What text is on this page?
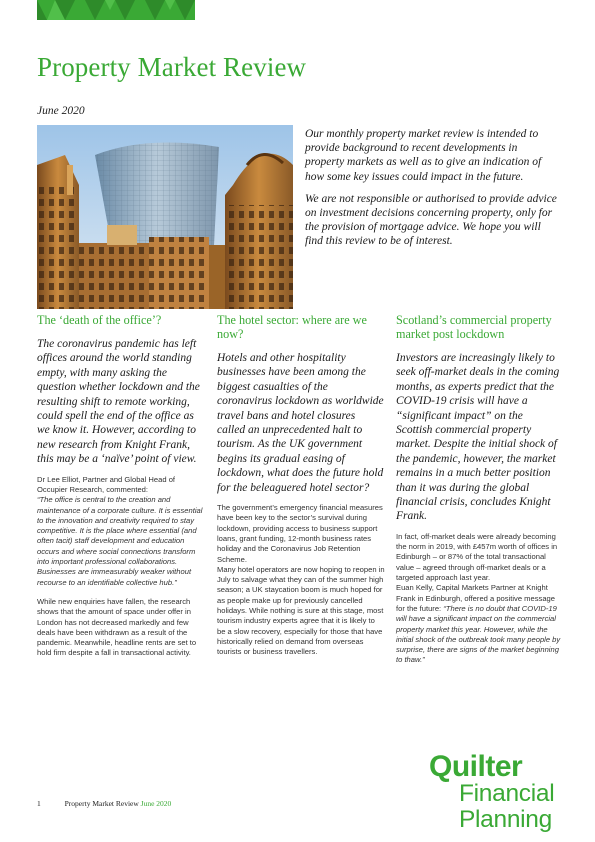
Property Market Review
June 2020

Our monthly property market review is intended to provide background to recent developments in property markets as well as to give an indication of how some key issues could impact in the future.

We are not responsible or authorised to provide advice on investment decisions concerning property, only for the provision of mortgage advice. We hope you will find this review to be of interest.

The ‘death of the office’?

The coronavirus pandemic has left offices around the world standing empty, with many asking the question whether lockdown and the resulting shift to remote working, could spell the end of the office as we know it. However, according to new research from Knight Frank, this may be a ‘naïve’ point of view.

Dr Lee Elliot, Partner and Global Head of Occupier Research, commented:

“The office is central to the creation and maintenance of a corporate culture. It is essential to the innovation and creativity required to stay competitive. It is the place where essential (and often tacit) staff development and education occurs and where social connections transform into important professional collaborations. Businesses are immeasurably weaker without recourse to an identifiable collective hub.”

While new enquiries have fallen, the research shows that the amount of space under offer in London has not decreased markedly and few deals have been withdrawn as a result of the pandemic. Meanwhile, headline rents are set to hold firm despite a fall in transactional activity.

The hotel sector: where are we now?

Hotels and other hospitality businesses have been among the biggest casualties of the coronavirus lockdown as worldwide travel bans and hotel closures called an unprecedented halt to tourism. As the UK government begins its gradual easing of lockdown, what does the future hold for the beleaguered hotel sector?

The government’s emergency financial measures have been key to the sector’s survival during lockdown, providing access to business support loans, grant funding, 12-month business rates holiday and the Coronavirus Job Retention Scheme.

Many hotel operators are now hoping to reopen in July to salvage what they can of the summer high season; a UK staycation boom is much hoped for as people make up for previously cancelled holidays. While nothing is sure at this stage, most tourism industry experts agree that it is likely to be a slow recovery, especially for those that have historically relied on demand from overseas tourists or business travellers.

Scotland’s commercial property market post lockdown

Investors are increasingly likely to seek off-market deals in the coming months, as experts predict that the COVID-19 crisis will have a “significant impact” on the Scottish commercial property market. Despite the initial shock of the pandemic, however, the market remains in a much better position than it was during the global financial crisis, concludes Knight Frank.

In fact, off-market deals were already becoming the norm in 2019, with £457m worth of offices in Edinburgh – or 87% of the total transactional value – agreed through off-market deals or a targeted approach last year.

Euan Kelly, Capital Markets Partner at Knight Frank in Edinburgh, offered a positive message for the future: “There is no doubt that COVID-19 will have a significant impact on the commercial property market this year. However, while the initial shock of the outbreak took many people by surprise, there are signs of the market beginning to thaw.”

Quilter
Financial
Planning
1	Property Market Review June 2020
